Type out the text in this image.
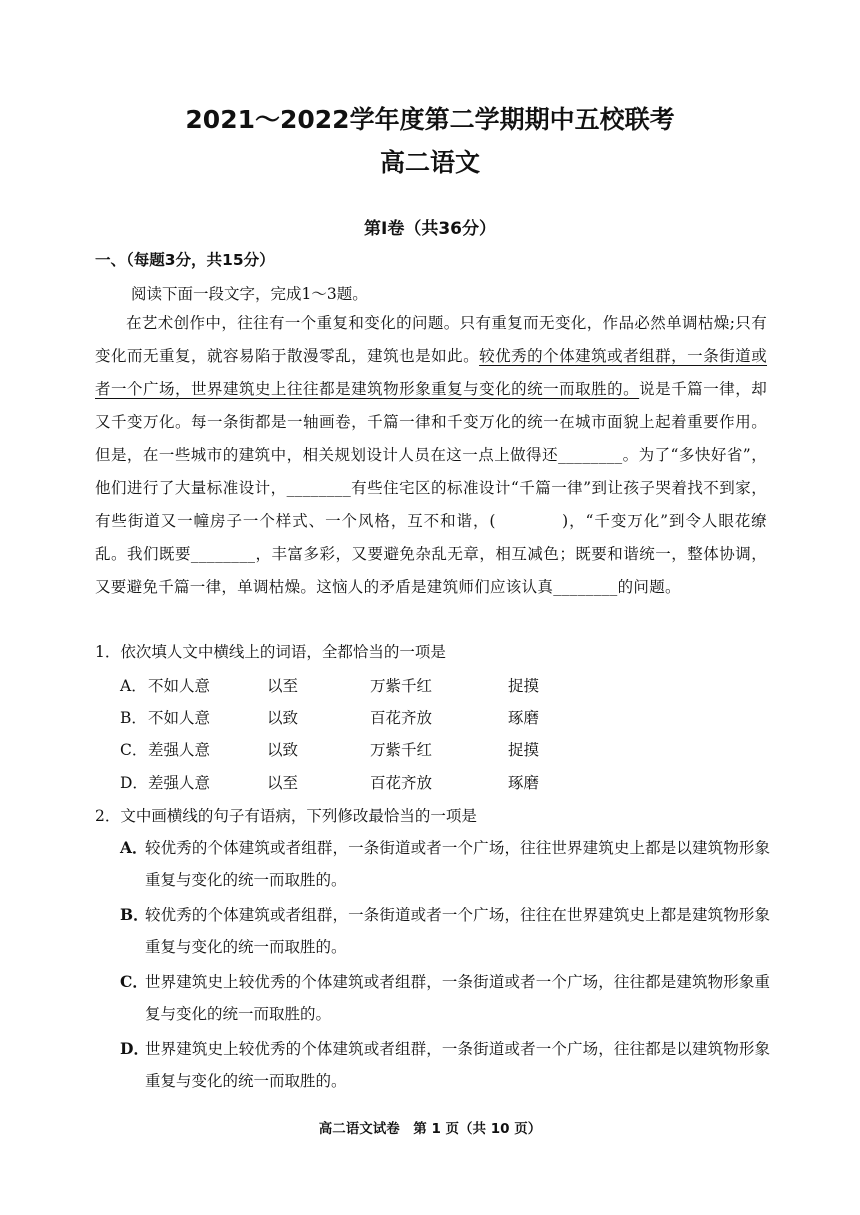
2021～2022学年度第二学期期中五校联考
高二语文
第Ⅰ卷（共36分）
一、（每题3分，共15分）
阅读下面一段文字，完成1～3题。
在艺术创作中，往往有一个重复和变化的问题。只有重复而无变化，作品必然单调枯燥;只有变化而无重复，就容易陷于散漫零乱，建筑也是如此。较优秀的个体建筑或者组群，一条街道或者一个广场，世界建筑史上往往都是建筑物形象重复与变化的统一而取胜的。说是千篇一律，却又千变万化。每一条街都是一轴画卷，千篇一律和千变万化的统一在城市面貌上起着重要作用。但是，在一些城市的建筑中，相关规划设计人员在这一点上做得还________。为了“多快好省”，他们进行了大量标准设计，________有些住宅区的标准设计“千篇一律”到让孩子哭着找不到家，有些街道又一幢房子一个样式、一个风格，互不和谐，(　　　　)，“千变万化”到令人眼花缭乱。我们既要________，丰富多彩，又要避免杂乱无章，相互减色；既要和谐统一，整体协调，又要避免千篇一律，单调枯燥。这恼人的矛盾是建筑师们应该认真________的问题。
1．依次填人文中横线上的词语，全都恰当的一项是
A． 不如人意	以至	万紫千红	捉摸
B． 不如人意	以致	百花齐放	琢磨
C． 差强人意	以致	万紫千红	捉摸
D． 差强人意	以至	百花齐放	琢磨
2．文中画横线的句子有语病，下列修改最恰当的一项是
A．
较优秀的个体建筑或者组群，一条街道或者一个广场，往往世界建筑史上都是以建筑物形象重复与变化的统一而取胜的。
B．
较优秀的个体建筑或者组群，一条街道或者一个广场，往往在世界建筑史上都是建筑物形象重复与变化的统一而取胜的。
C．
世界建筑史上较优秀的个体建筑或者组群，一条街道或者一个广场，往往都是建筑物形象重复与变化的统一而取胜的。
D．
世界建筑史上较优秀的个体建筑或者组群，一条街道或者一个广场，往往都是以建筑物形象重复与变化的统一而取胜的。
高二语文试卷　第 1 页（共 10 页）
